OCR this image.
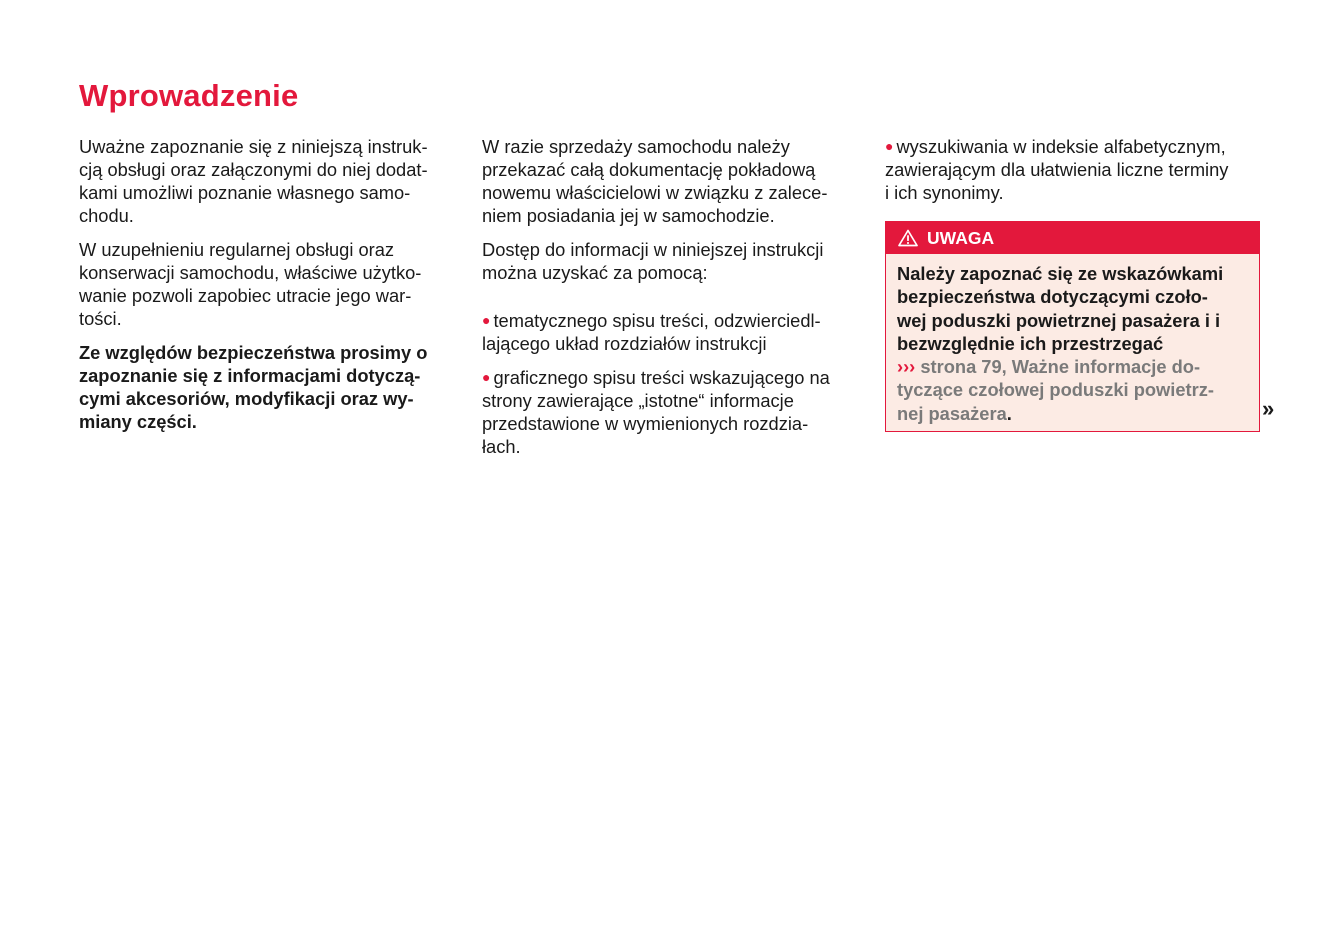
Wprowadzenie

Uważne zapoznanie się z niniejszą instruk-
cją obsługi oraz załączonymi do niej dodat-
kami umożliwi poznanie własnego samo-
chodu.

W uzupełnieniu regularnej obsługi oraz
konserwacji samochodu, właściwe użytko-
wanie pozwoli zapobiec utracie jego war-
tości.

Ze względów bezpieczeństwa prosimy o
zapoznanie się z informacjami dotyczą-
cymi akcesoriów, modyfikacji oraz wy-
miany części.

W razie sprzedaży samochodu należy
przekazać całą dokumentację pokładową
nowemu właścicielowi w związku z zalece-
niem posiadania jej w samochodzie.

Dostęp do informacji w niniejszej instrukcji
można uzyskać za pomocą:

● tematycznego spisu treści, odzwierciedl-
lającego układ rozdziałów instrukcji

● graficznego spisu treści wskazującego na
strony zawierające „istotne“ informacje
przedstawione w wymienionych rozdzia-
łach.

● wyszukiwania w indeksie alfabetycznym,
zawierającym dla ułatwienia liczne terminy
i ich synonimy.

UWAGA
Należy zapoznać się ze wskazówkami
bezpieczeństwa dotyczącymi czoło-
wej poduszki powietrznej pasażera i i
bezwzględnie ich przestrzegać
››› strona 79, Ważne informacje do-
tyczące czołowej poduszki powietrz-
nej pasażera.	»
